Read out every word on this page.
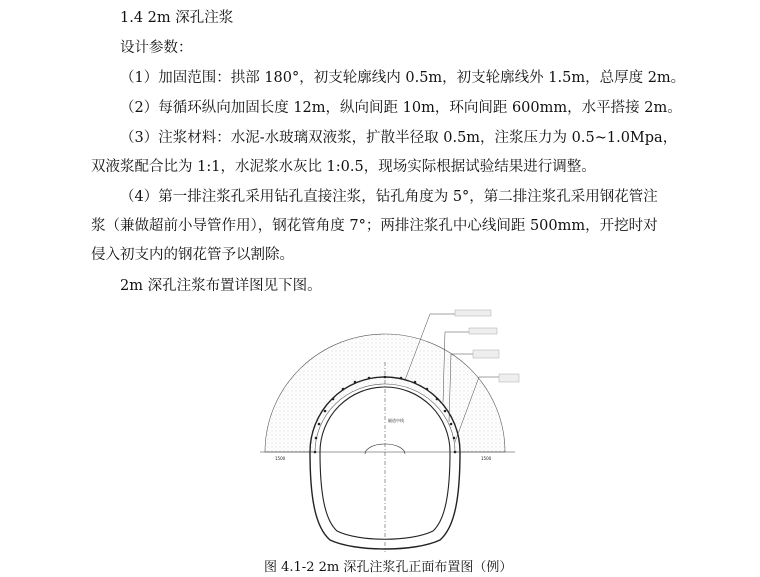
1.4 2m 深孔注浆
设计参数：
（1）加固范围：拱部 180°，初支轮廓线内 0.5m，初支轮廓线外 1.5m，总厚度 2m。
（2）每循环纵向加固长度 12m，纵向间距 10m，环向间距 600mm，水平搭接 2m。
（3）注浆材料：水泥-水玻璃双液浆，扩散半径取 0.5m，注浆压力为 0.5~1.0Mpa，
双液浆配合比为 1:1，水泥浆水灰比 1:0.5，现场实际根据试验结果进行调整。
（4）第一排注浆孔采用钻孔直接注浆，钻孔角度为 5°，第二排注浆孔采用钢花管注
浆（兼做超前小导管作用），钢花管角度 7°；两排注浆孔中心线间距 500mm，开挖时对
侵入初支内的钢花管予以割除。
2m 深孔注浆布置详图见下图。
隧道中线
1500	1500
图 4.1-2 2m 深孔注浆孔正面布置图（例）
